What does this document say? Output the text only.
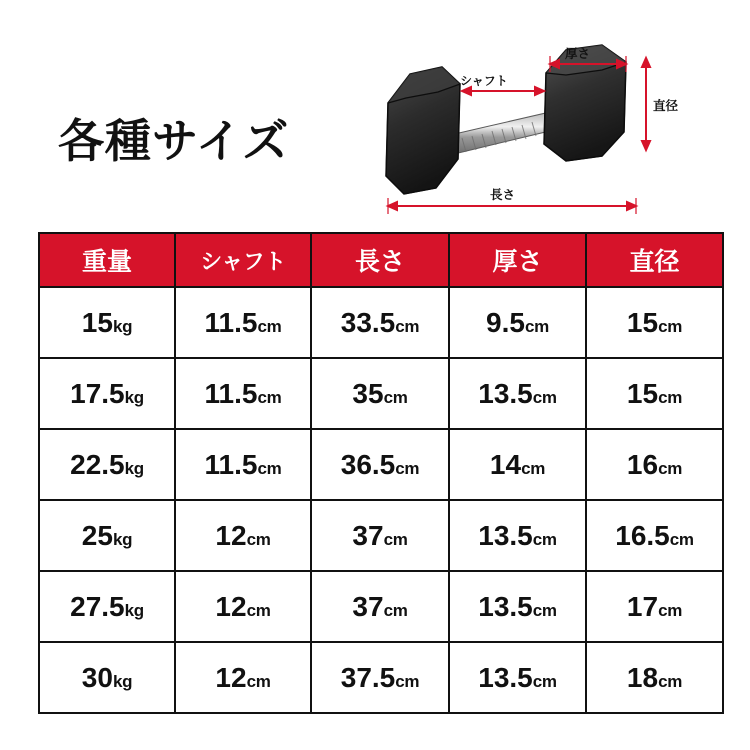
各種サイズ
シャフト
厚さ
直径
長さ
重量	シャフト	長さ	厚さ	直径
15kg	11.5cm	33.5cm	9.5cm	15cm
17.5kg	11.5cm	35cm	13.5cm	15cm
22.5kg	11.5cm	36.5cm	14cm	16cm
25kg	12cm	37cm	13.5cm	16.5cm
27.5kg	12cm	37cm	13.5cm	17cm
30kg	12cm	37.5cm	13.5cm	18cm
